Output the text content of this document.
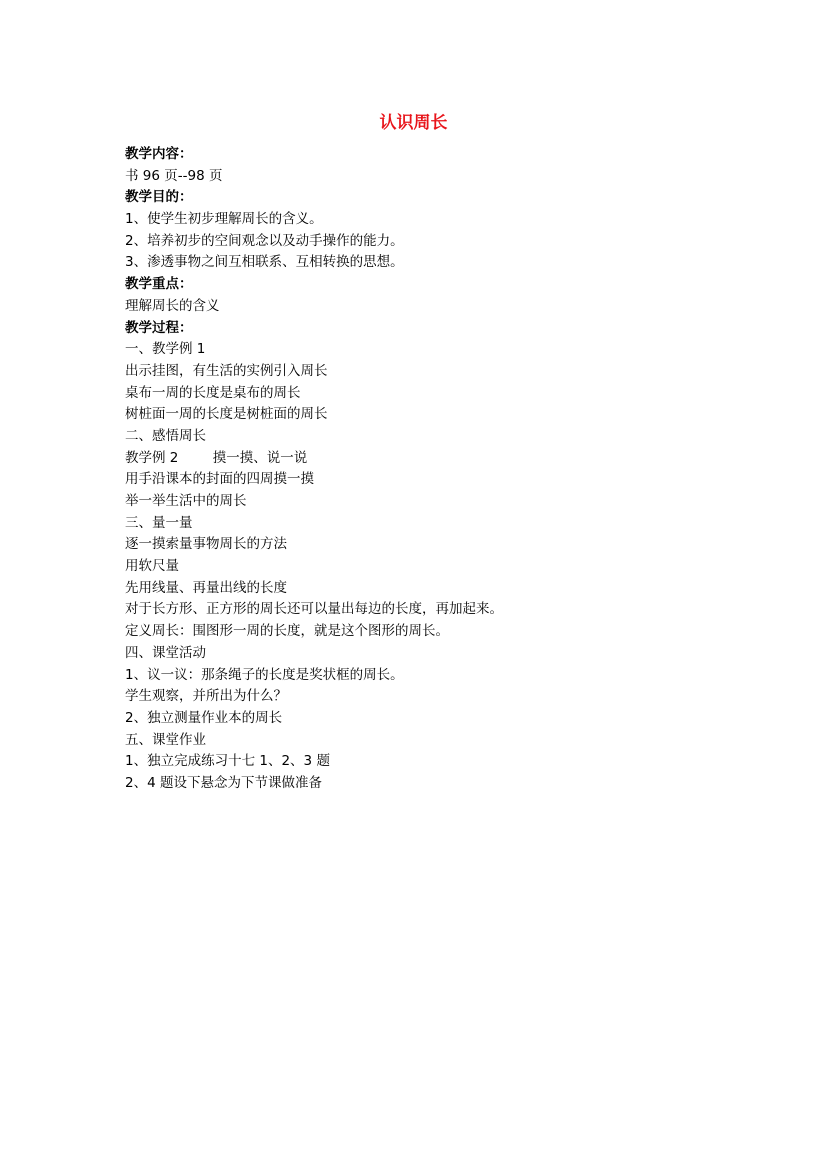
认识周长
教学内容：
书 96 页--98 页
教学目的：
1、使学生初步理解周长的含义。
2、培养初步的空间观念以及动手操作的能力。
3、渗透事物之间互相联系、互相转换的思想。
教学重点：
理解周长的含义
教学过程：
一、教学例 1
出示挂图，有生活的实例引入周长
桌布一周的长度是桌布的周长
树桩面一周的长度是树桩面的周长
二、感悟周长
教学例 2        摸一摸、说一说
用手沿课本的封面的四周摸一摸
举一举生活中的周长
三、量一量
逐一摸索量事物周长的方法
用软尺量
先用线量、再量出线的长度
对于长方形、正方形的周长还可以量出每边的长度，再加起来。
定义周长：围图形一周的长度，就是这个图形的周长。
四、课堂活动
1、议一议：那条绳子的长度是奖状框的周长。
学生观察，并所出为什么？
2、独立测量作业本的周长
五、课堂作业
1、独立完成练习十七 1、2、3 题
2、4 题设下悬念为下节课做准备
